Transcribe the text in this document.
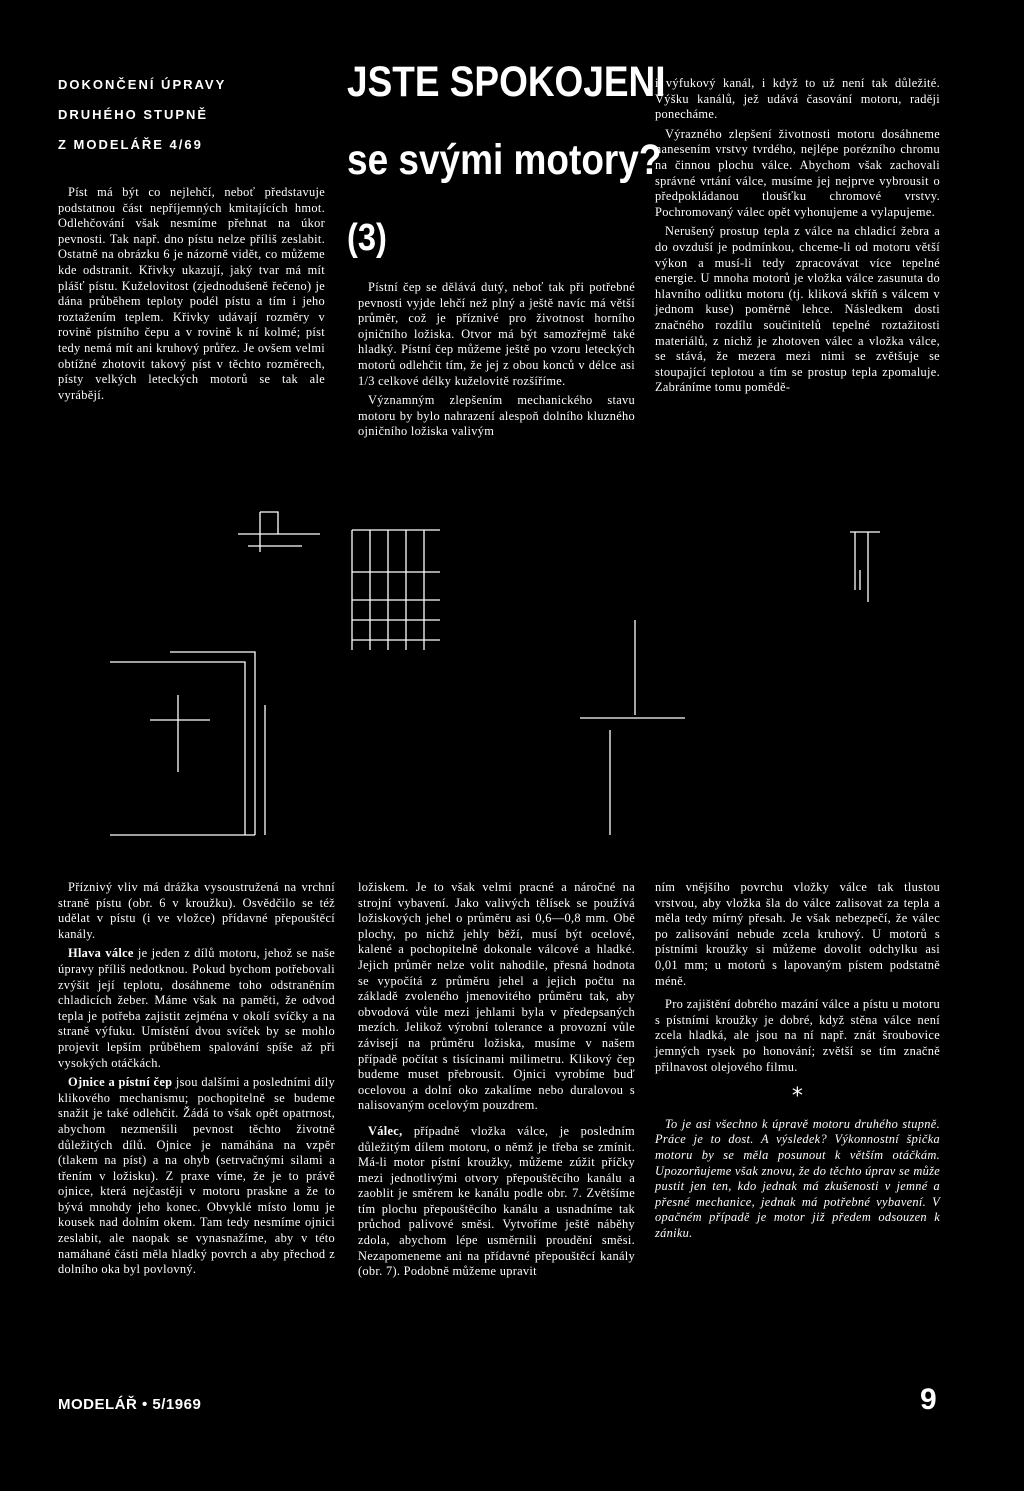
DOKONČENÍ ÚPRAVY
DRUHÉHO STUPNĚ
Z MODELÁŘE 4/69
JSTE SPOKOJENI
se svými motory?
(3)

Píst má být co nejlehčí, neboť představuje podstatnou část nepříjemných kmitajících hmot. Odlehčování však nesmíme přehnat na úkor pevnosti. Tak např. dno pístu nelze příliš zeslabit. Ostatně na obrázku 6 je názorně vidět, co můžeme kde odstranit. Křivky ukazují, jaký tvar má mít plášť pístu. Kuželovitost (zjednodušeně řečeno) je dána průběhem teploty podél pístu a tím i jeho roztažením teplem. Křivky udávají rozměry v rovině pístního čepu a v rovině k ní kolmé; píst tedy nemá mít ani kruhový průřez. Je ovšem velmi obtížné zhotovit takový píst v těchto rozměrech, písty velkých leteckých motorů se tak ale vyrábějí.

Pístní čep se dělává dutý, neboť tak při potřebné pevnosti vyjde lehčí než plný a ještě navíc má větší průměr, což je příznivé pro životnost horního ojničního ložiska. Otvor má být samozřejmě také hladký. Pístní čep můžeme ještě po vzoru leteckých motorů odlehčit tím, že jej z obou konců v délce asi 1/3 celkové délky kuželovitě rozšíříme.

Významným zlepšením mechanického stavu motoru by bylo nahrazení alespoň dolního kluzného ojničního ložiska valivým

i výfukový kanál, i když to už není tak důležité. Výšku kanálů, jež udává časování motoru, raději ponecháme.

Výrazného zlepšení životnosti motoru dosáhneme nanesením vrstvy tvrdého, nejlépe porézního chromu na činnou plochu válce. Abychom však zachovali správné vrtání válce, musíme jej nejprve vybrousit o předpokládanou tloušťku chromové vrstvy. Pochromovaný válec opět vyhonujeme a vylapujeme.

Nerušený prostup tepla z válce na chladicí žebra a do ovzduší je podmínkou, chceme-li od motoru větší výkon a musí-li tedy zpracovávat více tepelné energie. U mnoha motorů je vložka válce zasunuta do hlavního odlitku motoru (tj. kliková skříň s válcem v jednom kuse) poměrně lehce. Následkem dosti značného rozdílu součinitelů tepelné roztažitosti materiálů, z nichž je zhotoven válec a vložka válce, se stává, že mezera mezi nimi se zvětšuje se stoupající teplotou a tím se prostup tepla zpomaluje. Zabráníme tomu pomědě-

Příznivý vliv má drážka vysoustružená na vrchní straně pístu (obr. 6 v kroužku). Osvědčilo se též udělat v pístu (i ve vložce) přídavné přepouštěcí kanály.

Hlava válce je jeden z dílů motoru, jehož se naše úpravy příliš nedotknou. Pokud bychom potřebovali zvýšit její teplotu, dosáhneme toho odstraněním chladicích žeber. Máme však na paměti, že odvod tepla je potřeba zajistit zejména v okolí svíčky a na straně výfuku. Umístění dvou svíček by se mohlo projevit lepším průběhem spalování spíše až při vysokých otáčkách.

Ojnice a pístní čep jsou dalšími a posledními díly klikového mechanismu; pochopitelně se budeme snažit je také odlehčit. Žádá to však opět opatrnost, abychom nezmenšili pevnost těchto životně důležitých dílů. Ojnice je namáhána na vzpěr (tlakem na píst) a na ohyb (setrvačnými silami a třením v ložisku). Z praxe víme, že je to právě ojnice, která nejčastěji v motoru praskne a že to bývá mnohdy jeho konec. Obvyklé místo lomu je kousek nad dolním okem. Tam tedy nesmíme ojnici zeslabit, ale naopak se vynasnažíme, aby v této namáhané části měla hladký povrch a aby přechod z dolního oka byl povlovný.

ložiskem. Je to však velmi pracné a náročné na strojní vybavení. Jako valivých tělísek se používá ložiskových jehel o průměru asi 0,6—0,8 mm. Obě plochy, po nichž jehly běží, musí být ocelové, kalené a pochopitelně dokonale válcové a hladké. Jejich průměr nelze volit nahodile, přesná hodnota se vypočítá z průměru jehel a jejich počtu na základě zvoleného jmenovitého průměru tak, aby obvodová vůle mezi jehlami byla v předepsaných mezích. Jelikož výrobní tolerance a provozní vůle závisejí na průměru ložiska, musíme v našem případě počítat s tisícinami milimetru. Klikový čep budeme muset přebrousit. Ojnici vyrobíme buď ocelovou a dolní oko zakalíme nebo duralovou s nalisovaným ocelovým pouzdrem.

Válec, případně vložka válce, je posledním důležitým dílem motoru, o němž je třeba se zmínit. Má-li motor pístní kroužky, můžeme zúžit příčky mezi jednotlivými otvory přepouštěcího kanálu a zaoblit je směrem ke kanálu podle obr. 7. Zvětšíme tím plochu přepouštěcího kanálu a usnadníme tak průchod palivové směsi. Vytvoříme ještě náběhy zdola, abychom lépe usměrnili proudění směsi. Nezapomeneme ani na přídavné přepouštěcí kanály (obr. 7). Podobně můžeme upravit

ním vnějšího povrchu vložky válce tak tlustou vrstvou, aby vložka šla do válce zalisovat za tepla a měla tedy mírný přesah. Je však nebezpečí, že válec po zalisování nebude zcela kruhový. U motorů s pístními kroužky si můžeme dovolit odchylku asi 0,01 mm; u motorů s lapovaným pístem podstatně méně.

Pro zajištění dobrého mazání válce a pístu u motoru s pístními kroužky je dobré, když stěna válce není zcela hladká, ale jsou na ní např. znát šroubovice jemných rysek po honování; zvětší se tím značně přilnavost olejového filmu.

*

To je asi všechno k úpravě motoru druhého stupně. Práce je to dost. A výsledek? Výkonnostní špička motoru by se měla posunout k větším otáčkám. Upozorňujeme však znovu, že do těchto úprav se může pustit jen ten, kdo jednak má zkušenosti v jemné a přesné mechanice, jednak má potřebné vybavení. V opačném případě je motor již předem odsouzen k zániku.

MODELÁŘ • 5/1969	9
